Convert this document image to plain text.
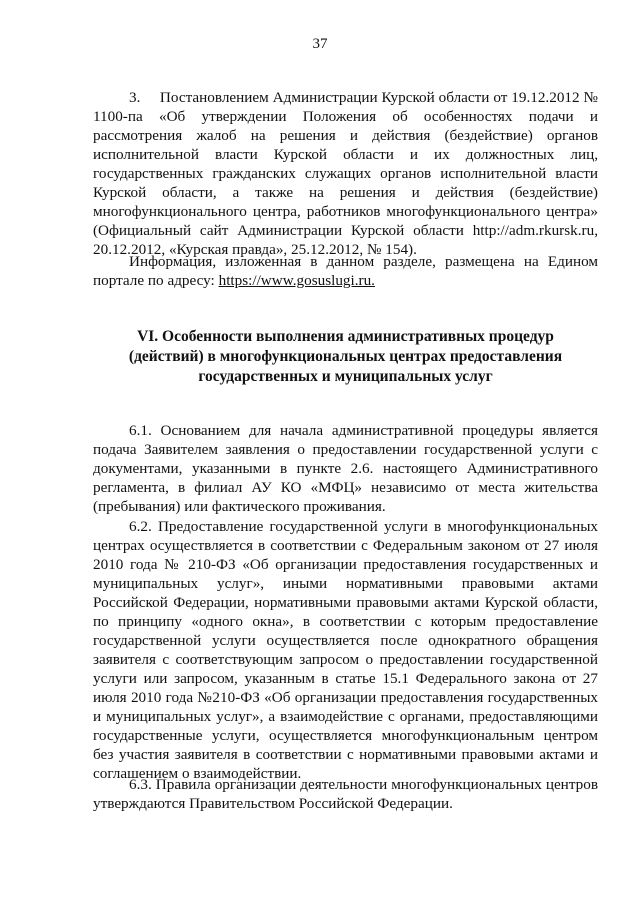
37

3. Постановлением Администрации Курской области от 19.12.2012 № 1100-па «Об утверждении Положения об особенностях подачи и рассмотрения жалоб на решения и действия (бездействие) органов исполнительной власти Курской области и их должностных лиц, государственных гражданских служащих органов исполнительной власти Курской области, а также на решения и действия (бездействие) многофункционального центра, работников многофункционального центра» (Официальный сайт Администрации Курской области http://adm.rkursk.ru, 20.12.2012, «Курская правда», 25.12.2012, № 154).

Информация, изложенная в данном разделе, размещена на Едином портале по адресу: https://www.gosuslugi.ru.

VI. Особенности выполнения административных процедур
(действий) в многофункциональных центрах предоставления
государственных и муниципальных услуг

6.1. Основанием для начала административной процедуры является подача Заявителем заявления о предоставлении государственной услуги с документами, указанными в пункте 2.6. настоящего Административного регламента, в филиал АУ КО «МФЦ» независимо от места жительства (пребывания) или фактического проживания.

6.2. Предоставление государственной услуги в многофункциональных центрах осуществляется в соответствии с Федеральным законом от 27 июля 2010 года № 210-ФЗ «Об организации предоставления государственных и муниципальных услуг», иными нормативными правовыми актами Российской Федерации, нормативными правовыми актами Курской области, по принципу «одного окна», в соответствии с которым предоставление государственной услуги осуществляется после однократного обращения заявителя с соответствующим запросом о предоставлении государственной услуги или запросом, указанным в статье 15.1 Федерального закона от 27 июля 2010 года №210-ФЗ «Об организации предоставления государственных и муниципальных услуг», а взаимодействие с органами, предоставляющими государственные услуги, осуществляется многофункциональным центром без участия заявителя в соответствии с нормативными правовыми актами и соглашением о взаимодействии.

6.3. Правила организации деятельности многофункциональных центров утверждаются Правительством Российской Федерации.
